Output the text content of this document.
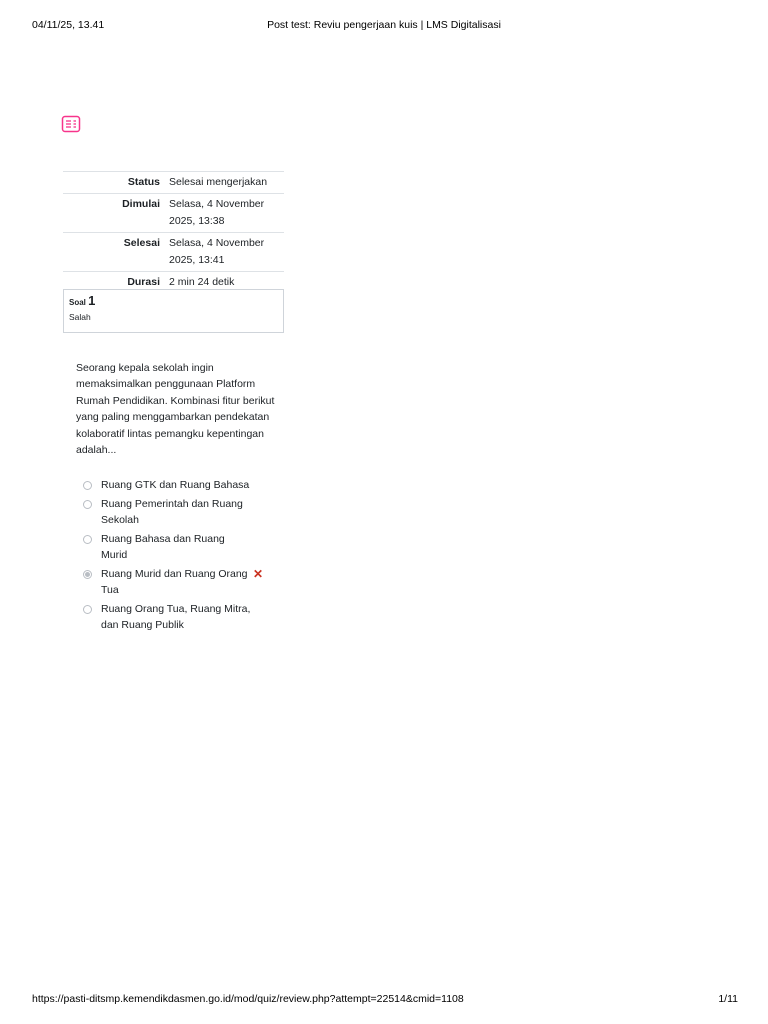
04/11/25, 13.41	Post test: Reviu pengerjaan kuis | LMS Digitalisasi
Status	Selesai mengerjakan
Dimulai	Selasa, 4 November 2025, 13:38
Selesai	Selasa, 4 November 2025, 13:41
Durasi	2 min 24 detik
Soal 1
Salah
Seorang kepala sekolah ingin memaksimalkan penggunaan Platform Rumah Pendidikan. Kombinasi fitur berikut yang paling menggambarkan pendekatan kolaboratif lintas pemangku kepentingan adalah...
Ruang GTK dan Ruang Bahasa
Ruang Pemerintah dan Ruang Sekolah
Ruang Bahasa dan Ruang Murid
Ruang Murid dan Ruang Orang Tua
✕
Ruang Orang Tua, Ruang Mitra, dan Ruang Publik
https://pasti-ditsmp.kemendikdasmen.go.id/mod/quiz/review.php?attempt=22514&cmid=1108	1/11
